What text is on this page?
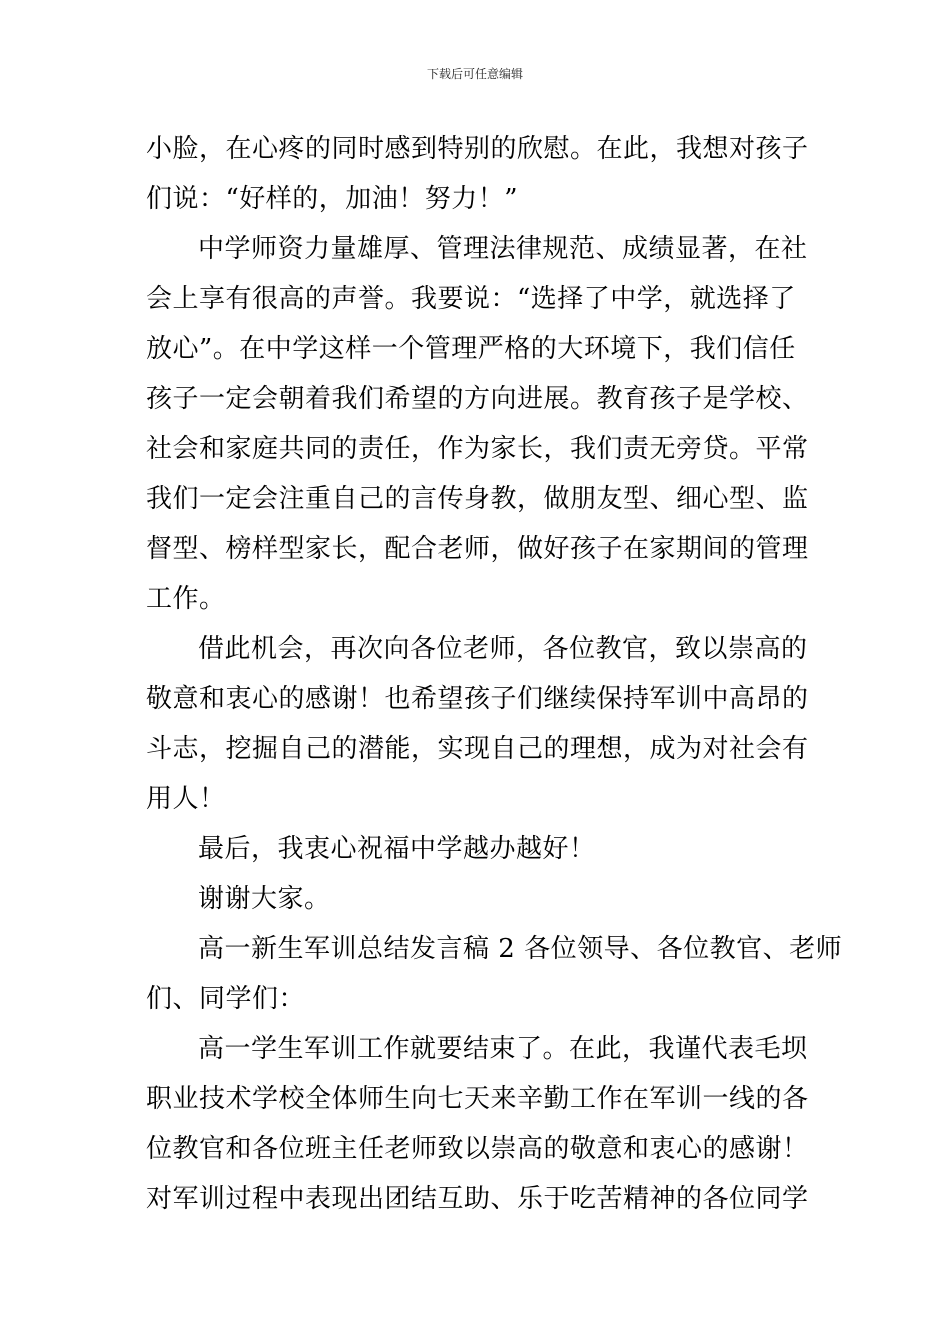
下载后可任意编辑
小脸，在心疼的同时感到特别的欣慰。在此，我想对孩子
们说：“好样的，加油！努力！”
中学师资力量雄厚、管理法律规范、成绩显著，在社
会上享有很高的声誉。我要说：“选择了中学，就选择了
放心”。在中学这样一个管理严格的大环境下，我们信任
孩子一定会朝着我们希望的方向进展。教育孩子是学校、
社会和家庭共同的责任，作为家长，我们责无旁贷。平常
我们一定会注重自己的言传身教，做朋友型、细心型、监
督型、榜样型家长，配合老师，做好孩子在家期间的管理
工作。
借此机会，再次向各位老师，各位教官，致以崇高的
敬意和衷心的感谢！也希望孩子们继续保持军训中高昂的
斗志，挖掘自己的潜能，实现自己的理想，成为对社会有
用人！
最后，我衷心祝福中学越办越好！
谢谢大家。
高一新生军训总结发言稿 2 各位领导、各位教官、老师
们、同学们：
高一学生军训工作就要结束了。在此，我谨代表毛坝
职业技术学校全体师生向七天来辛勤工作在军训一线的各
位教官和各位班主任老师致以崇高的敬意和衷心的感谢！
对军训过程中表现出团结互助、乐于吃苦精神的各位同学
